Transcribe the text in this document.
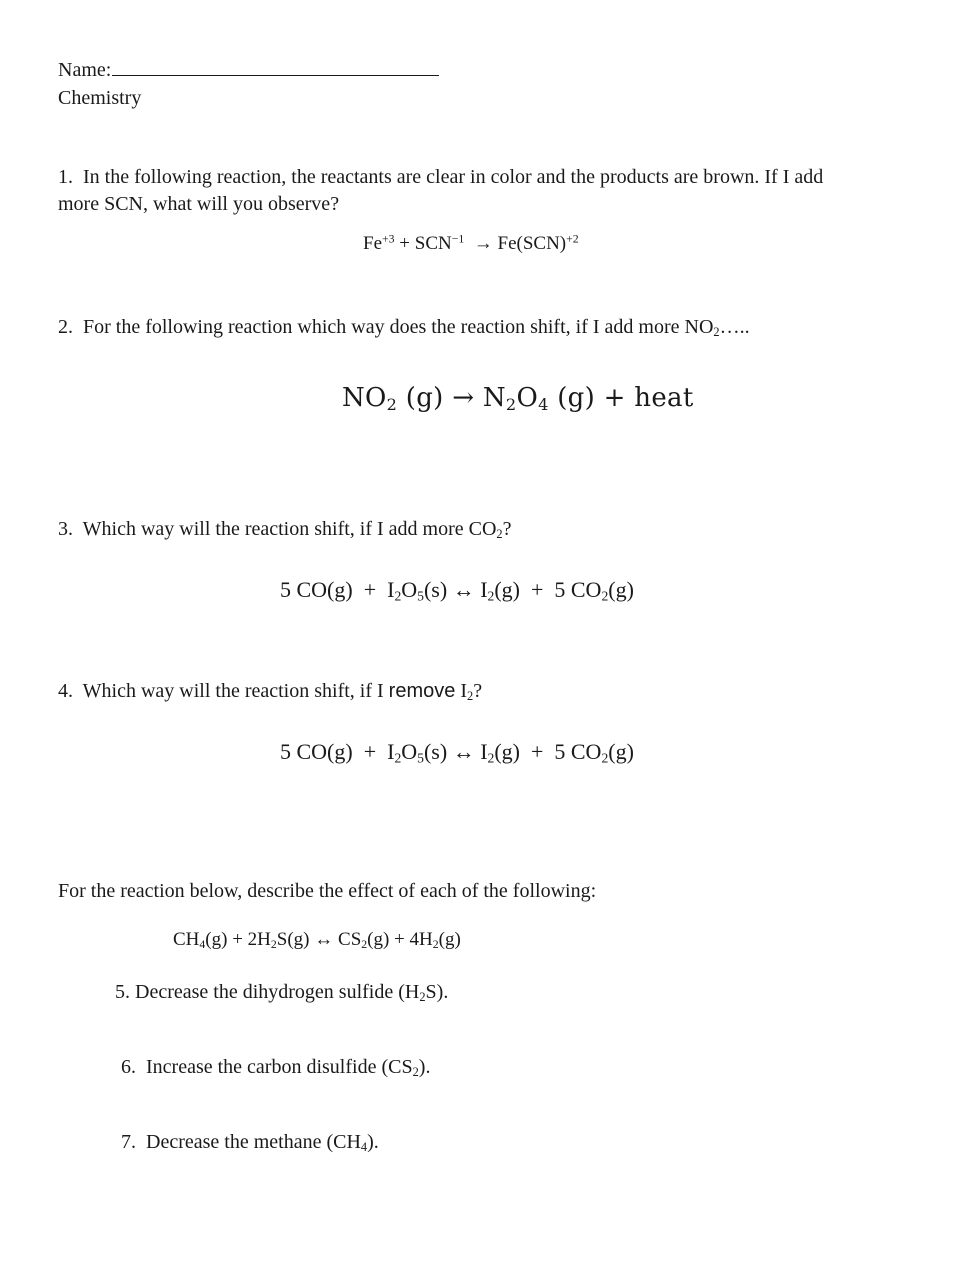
Name:
Chemistry
1. In the following reaction, the reactants are clear in color and the products are brown. If I add
more SCN, what will you observe?
$Fe^{+3} + SCN^{-1} \to Fe(SCN)^{+2}$
2. For the following reaction which way does the reaction shift, if I add more $NO_2\dots$..
$NO_2$ $(g) \to N_2O_4$ (g) + heat
3. Which way will the reaction shift, if I add more $CO_2$?
5 $CO(g) + I_2O_5(s)$ ↔ $I_2(g) + 5$ $CO_2(g)$
4. Which way will the reaction shift, if I remove $I_2$?
5 $CO(g) + I_2O_5(s)$ ↔ $I_2(g) + 5$ $CO_2(g)$
For the reaction below, describe the effect of each of the following:
$CH_4(g) + 2H_2S(g)$ ↔ $CS_2(g) + 4H_2(g)$
5. Decrease the dihydrogen sulfide $(H_2S)$.
6. Increase the carbon disulfide $(CS_2)$.
7. Decrease the methane $(CH_4)$.
